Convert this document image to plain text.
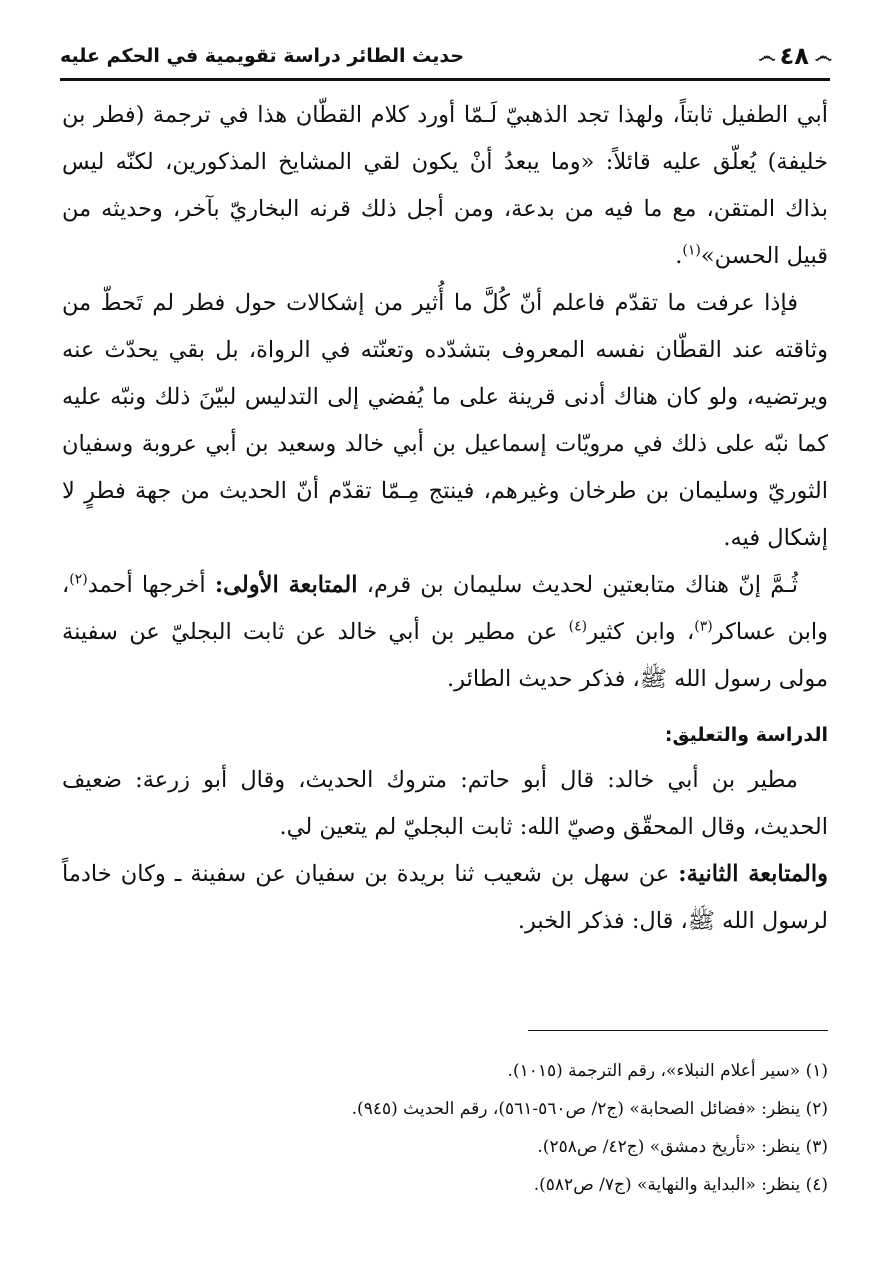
෴
٤٨
෴
حديث الطائر دراسة تقويمية في الحكم عليه

أبي الطفيل ثابتاً، ولهذا تجد الذهبيّ لَـمّا أورد كلام القطّان هذا في ترجمة (فطر بن خليفة) يُعلّق عليه قائلاً: «وما يبعدُ أنْ يكون لقي المشايخ المذكورين، لكنّه ليس بذاك المتقن، مع ما فيه من بدعة، ومن أجل ذلك قرنه البخاريّ بآخر، وحديثه من قبيل الحسن»$^{(١)}$.

فإذا عرفت ما تقدّم فاعلم أنّ كُلَّ ما أُثير من إشكالات حول فطر لم تَحطّ من وثاقته عند القطّان نفسه المعروف بتشدّده وتعنّته في الرواة، بل بقي يحدّث عنه ويرتضيه، ولو كان هناك أدنى قرينة على ما يُفضي إلى التدليس لبيّنَ ذلك ونبّه عليه كما نبّه على ذلك في مرويّات إسماعيل بن أبي خالد وسعيد بن أبي عروبة وسفيان الثوريّ وسليمان بن طرخان وغيرهم، فينتج مِـمّا تقدّم أنّ الحديث من جهة فطرٍ لا إشكال فيه.

ثُـمَّ إنّ هناك متابعتين لحديث سليمان بن قرم، المتابعة الأولى: أخرجها أحمد$^{(٢)}$، وابن عساكر$^{(٣)}$، وابن كثير$^{(٤)}$ عن مطير بن أبي خالد عن ثابت البجليّ عن سفينة مولى رسول الله ﷺ، فذكر حديث الطائر.

الدراسة والتعليق:

مطير بن أبي خالد: قال أبو حاتم: متروك الحديث، وقال أبو زرعة: ضعيف الحديث، وقال المحقّق وصيّ الله: ثابت البجليّ لم يتعين لي.

والمتابعة الثانية: عن سهل بن شعيب ثنا بريدة بن سفيان عن سفينة ـ وكان خادماً لرسول الله ﷺ، قال: فذكر الخبر.

(١) «سير أعلام النبلاء»، رقم الترجمة (١٠١٥).
(٢) ينظر: «فضائل الصحابة» (ج٢/ ص٥٦٠-٥٦١)، رقم الحديث (٩٤٥).
(٣) ينظر: «تأريخ دمشق» (ج٤٢/ ص٢٥٨).
(٤) ينظر: «البداية والنهاية» (ج٧/ ص٥٨٢).
